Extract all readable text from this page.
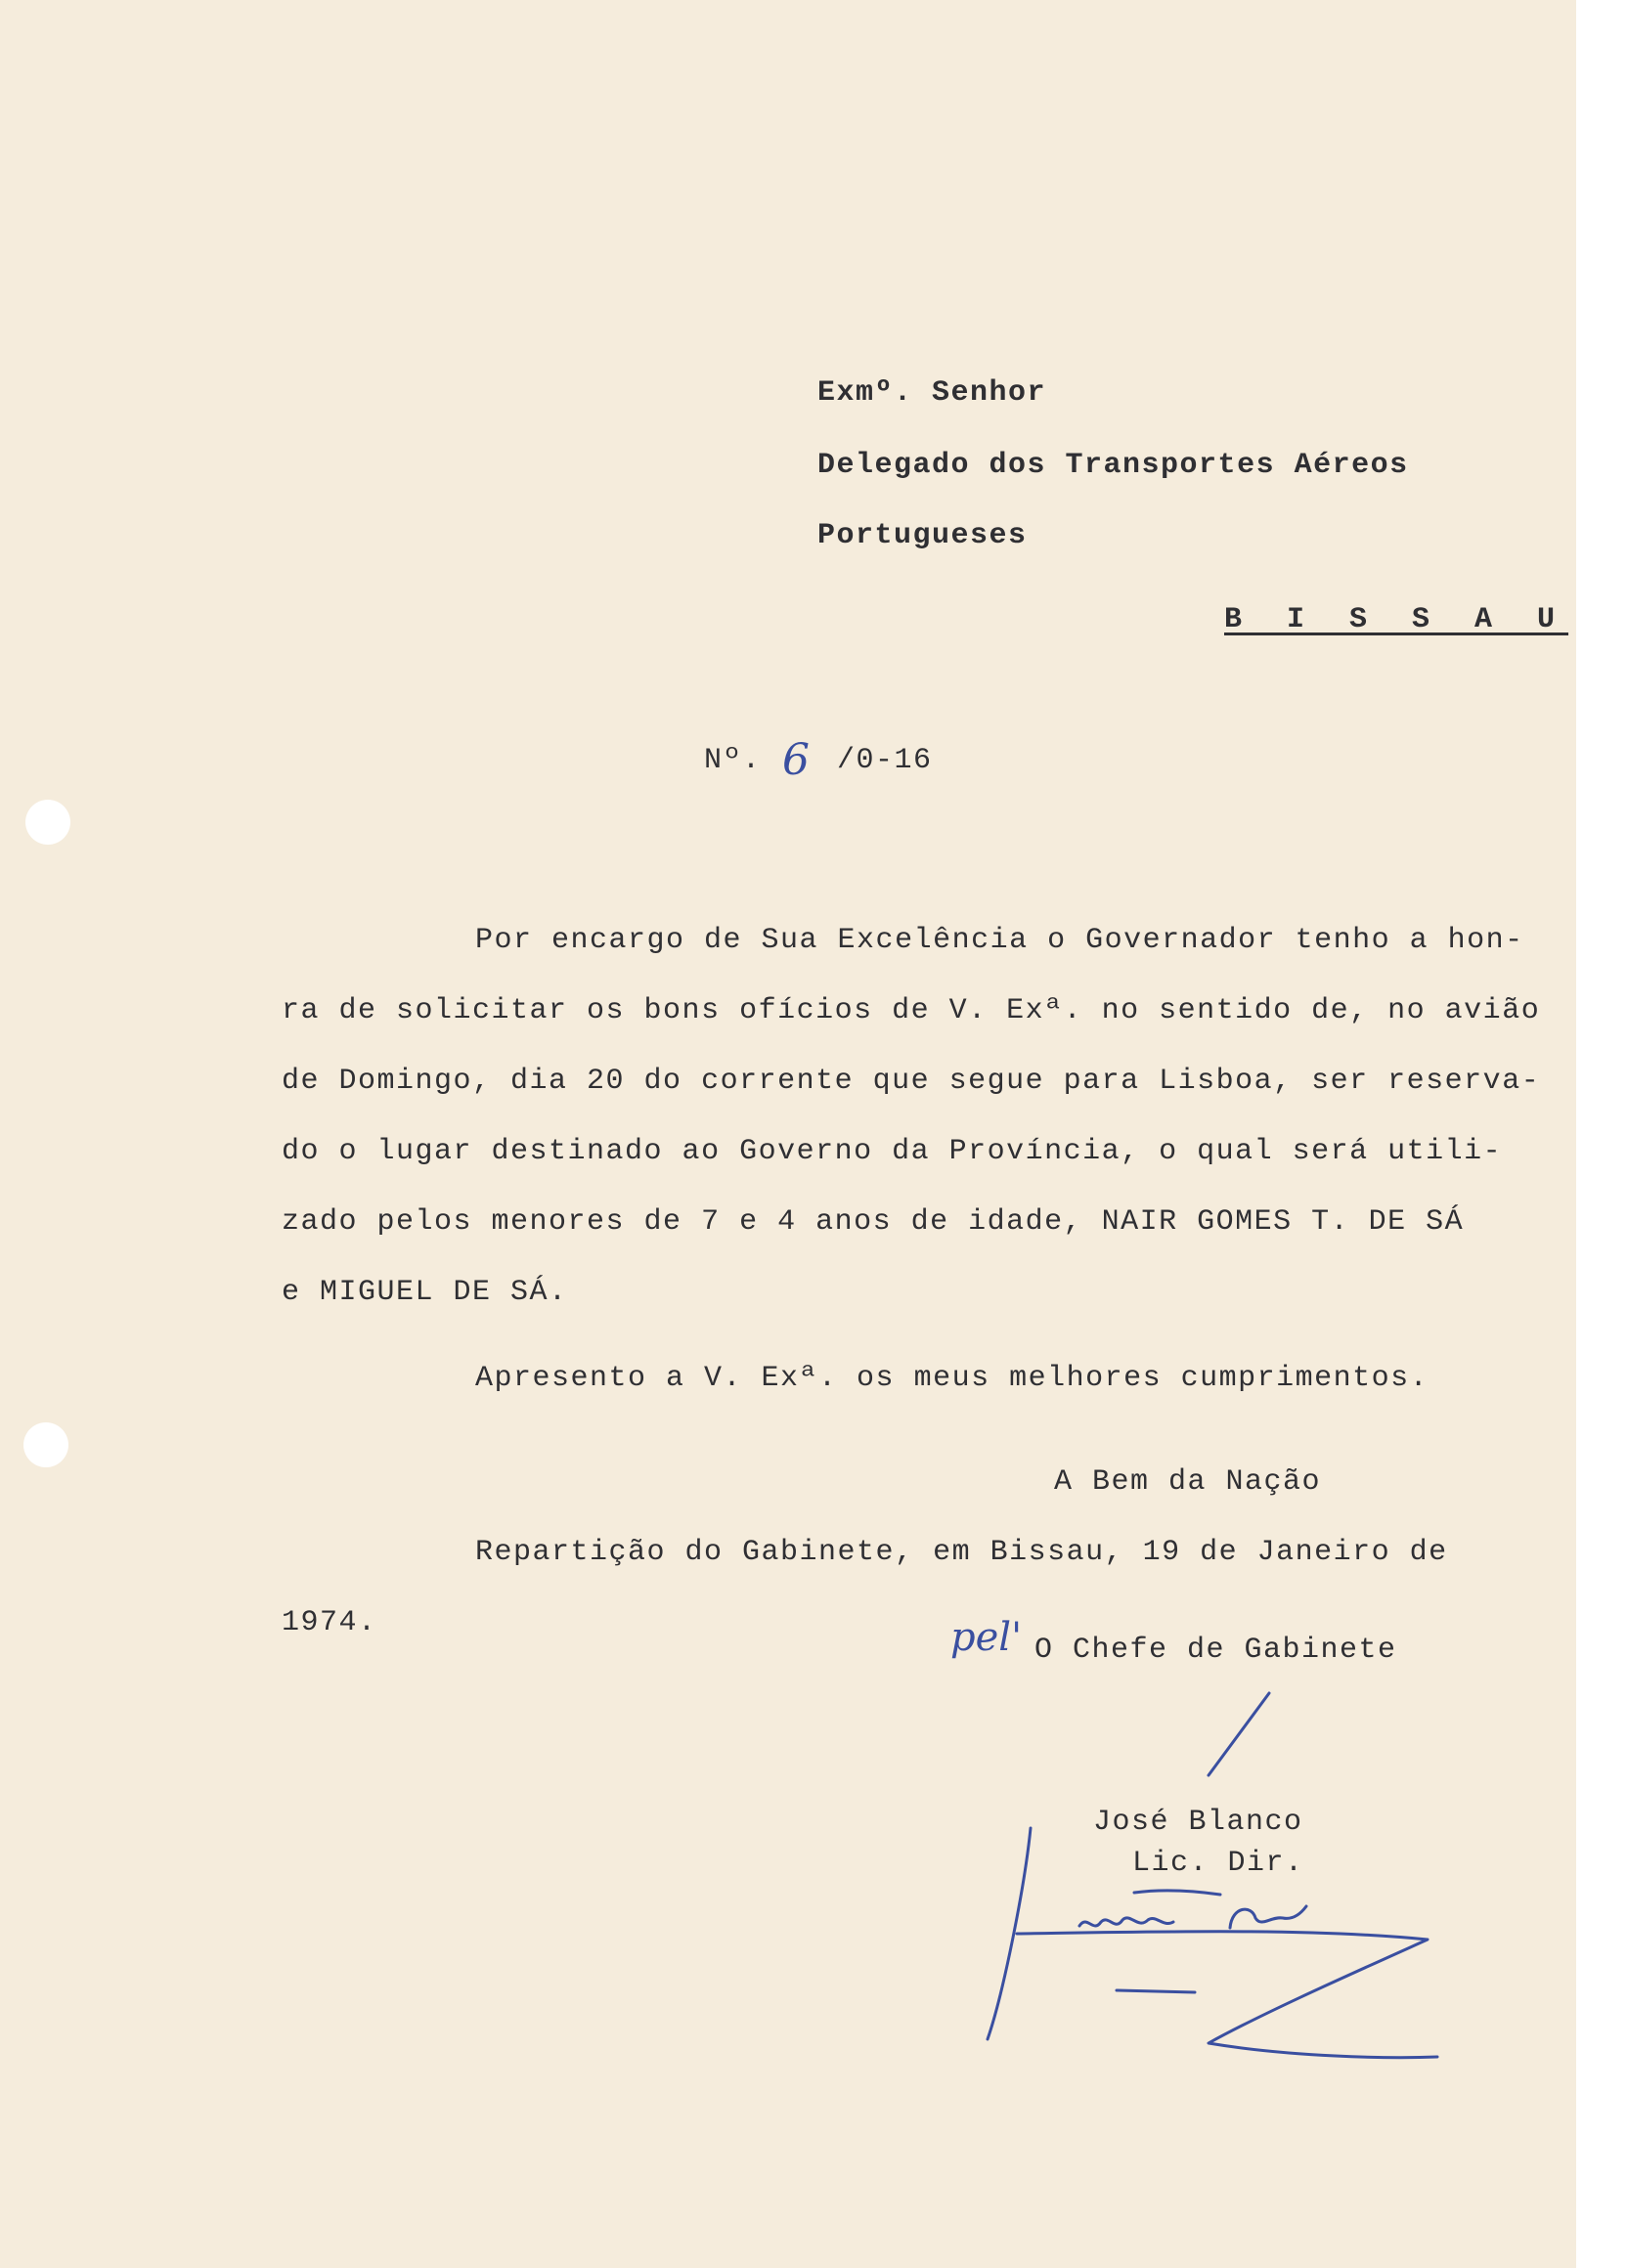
Exmº. Senhor
Delegado dos Transportes Aéreos
Portugueses
B I S S A U
Nº. 6 /0-16
Por encargo de Sua Excelência o Governador tenho a hon-
ra de solicitar os bons ofícios de V. Exª. no sentido de, no avião
de Domingo, dia 20 do corrente que segue para Lisboa, ser reserva-
do o lugar destinado ao Governo da Província, o qual será utili-
zado pelos menores de 7 e 4 anos de idade, NAIR GOMES T. DE SÁ
e MIGUEL DE SÁ.
Apresento a V. Exª. os meus melhores cumprimentos.
A Bem da Nação
Repartição do Gabinete, em Bissau, 19 de Janeiro de
1974.	pel' O Chefe de Gabinete
José Blanco
Lic. Dir.
